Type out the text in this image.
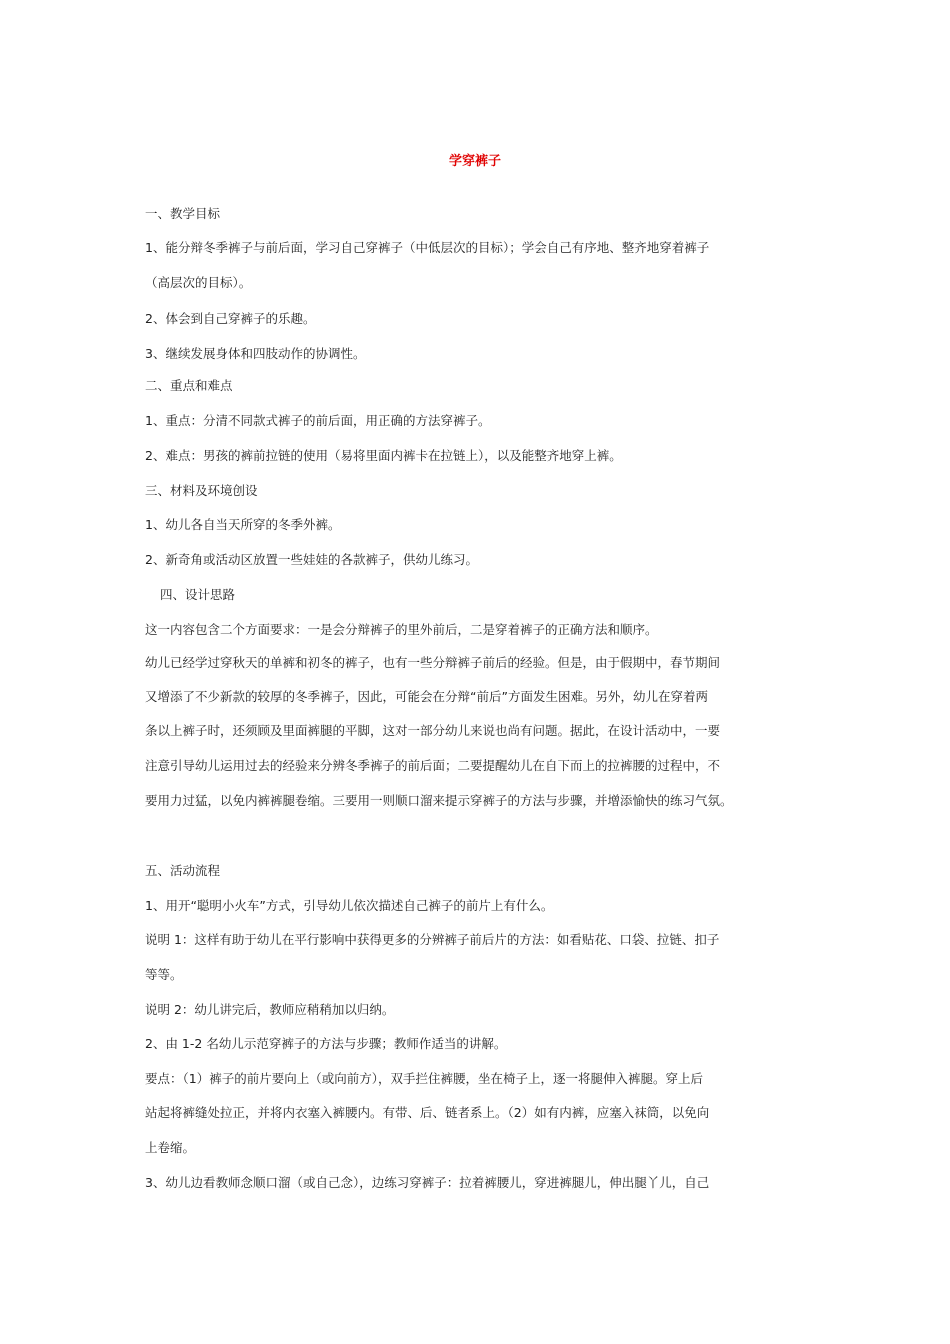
学穿裤子
一、教学目标
1、能分辩冬季裤子与前后面，学习自己穿裤子（中低层次的目标）；学会自己有序地、整齐地穿着裤子
（高层次的目标）。
2、体会到自己穿裤子的乐趣。
3、继续发展身体和四肢动作的协调性。
二、重点和难点
1、重点：分清不同款式裤子的前后面，用正确的方法穿裤子。
2、难点：男孩的裤前拉链的使用（易将里面内裤卡在拉链上），以及能整齐地穿上裤。
三、材料及环境创设
1、幼儿各自当天所穿的冬季外裤。
2、新奇角或活动区放置一些娃娃的各款裤子，供幼儿练习。
四、设计思路
这一内容包含二个方面要求：一是会分辩裤子的里外前后，二是穿着裤子的正确方法和顺序。
幼儿已经学过穿秋天的单裤和初冬的裤子，也有一些分辩裤子前后的经验。但是，由于假期中，春节期间
又增添了不少新款的较厚的冬季裤子，因此，可能会在分辩“前后”方面发生困难。另外，幼儿在穿着两
条以上裤子时，还须顾及里面裤腿的平脚，这对一部分幼儿来说也尚有问题。据此，在设计活动中，一要
注意引导幼儿运用过去的经验来分辨冬季裤子的前后面；二要提醒幼儿在自下而上的拉裤腰的过程中，不
要用力过猛，以免内裤裤腿卷缩。三要用一则顺口溜来提示穿裤子的方法与步骤，并增添愉快的练习气氛。
五、活动流程
1、用开“聪明小火车”方式，引导幼儿依次描述自己裤子的前片上有什么。
说明 1：这样有助于幼儿在平行影响中获得更多的分辨裤子前后片的方法：如看贴花、口袋、拉链、扣子
等等。
说明 2：幼儿讲完后，教师应稍稍加以归纳。
2、由 1-2 名幼儿示范穿裤子的方法与步骤；教师作适当的讲解。
要点：（1）裤子的前片要向上（或向前方），双手拦住裤腰，坐在椅子上，逐一将腿伸入裤腿。穿上后
站起将裤缝处拉正，并将内衣塞入裤腰内。有带、后、链者系上。（2）如有内裤，应塞入袜筒，以免向
上卷缩。
3、幼儿边看教师念顺口溜（或自己念），边练习穿裤子：拉着裤腰儿，穿进裤腿儿，伸出腿丫儿，自己
